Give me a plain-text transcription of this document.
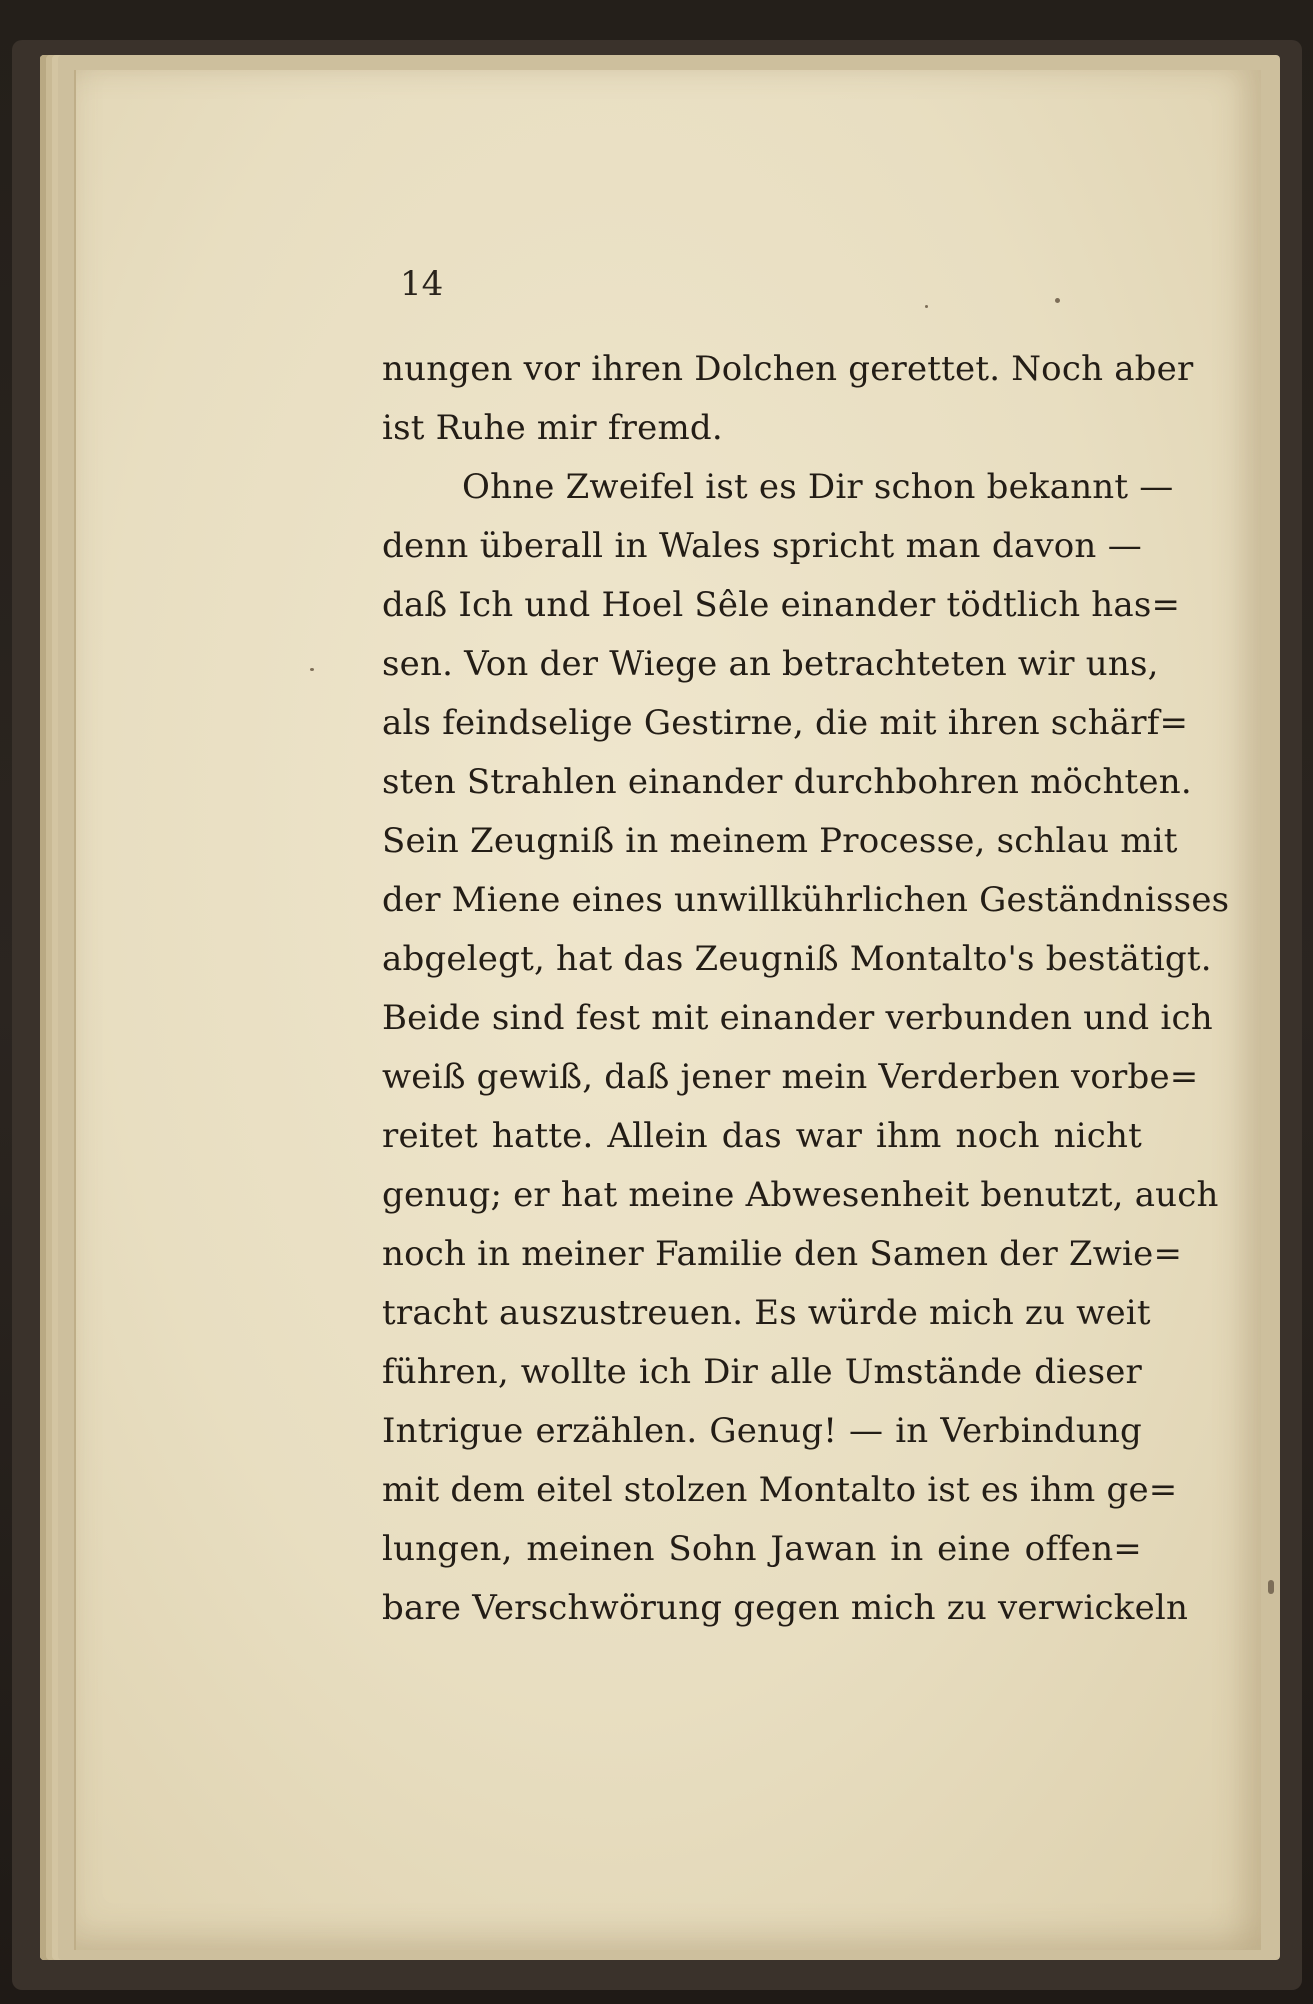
14
nungen vor ihren Dolchen gerettet. Noch aber
ist Ruhe mir fremd.
Ohne Zweifel ist es Dir schon bekannt —
denn überall in Wales spricht man davon —
daß Ich und Hoel Sêle einander tödtlich has=
sen. Von der Wiege an betrachteten wir uns,
als feindselige Gestirne, die mit ihren schärf=
sten Strahlen einander durchbohren möchten.
Sein Zeugniß in meinem Processe, schlau mit
der Miene eines unwillkührlichen Geständnisses
abgelegt, hat das Zeugniß Montalto's bestätigt.
Beide sind fest mit einander verbunden und ich
weiß gewiß, daß jener mein Verderben vorbe=
reitet hatte. Allein das war ihm noch nicht
genug; er hat meine Abwesenheit benutzt, auch
noch in meiner Familie den Samen der Zwie=
tracht auszustreuen. Es würde mich zu weit
führen, wollte ich Dir alle Umstände dieser
Intrigue erzählen. Genug! — in Verbindung
mit dem eitel stolzen Montalto ist es ihm ge=
lungen, meinen Sohn Jawan in eine offen=
bare Verschwörung gegen mich zu verwickeln
